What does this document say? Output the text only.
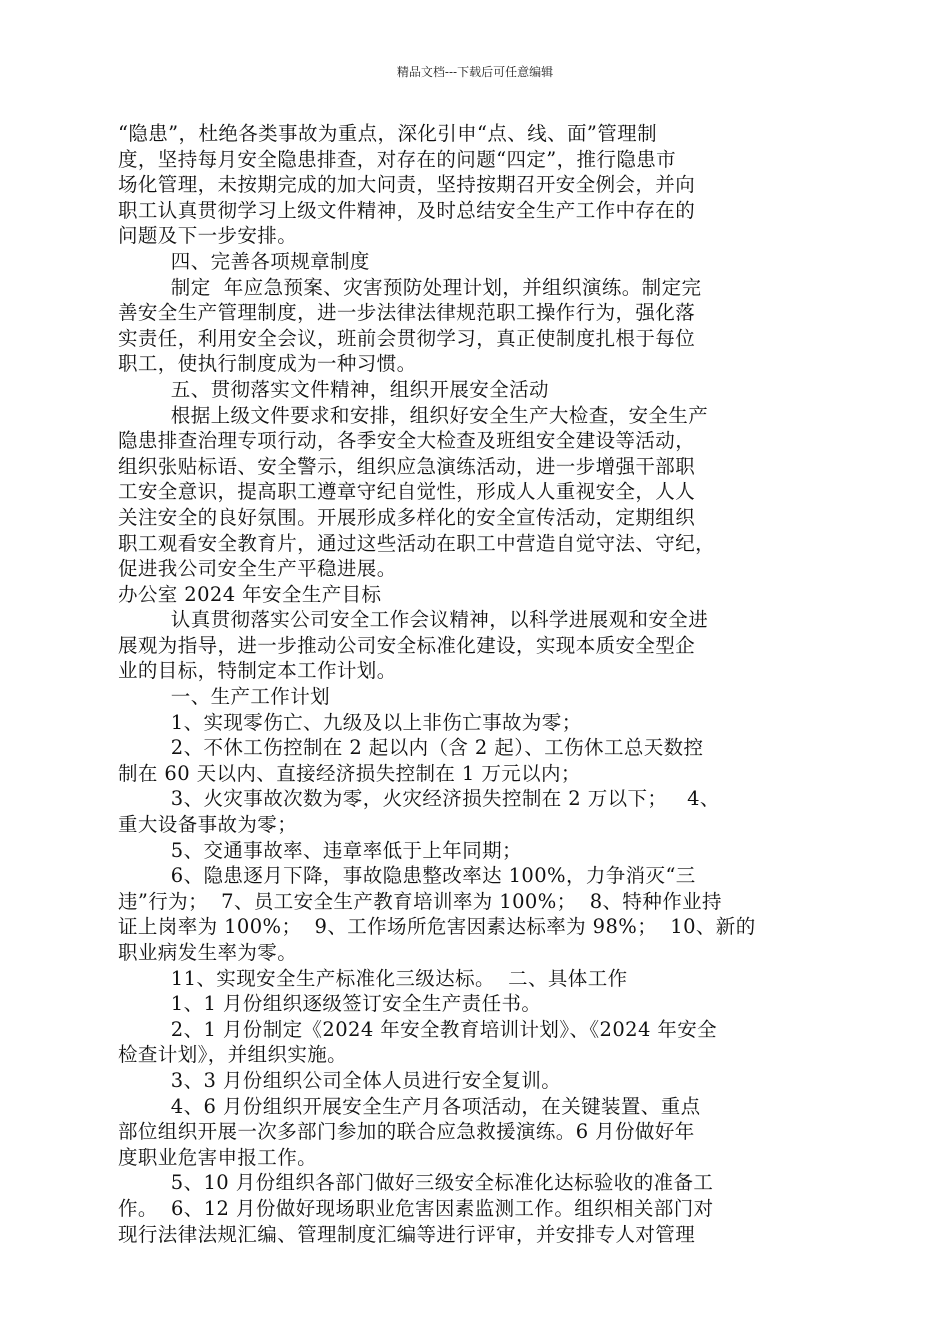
精品文档---下载后可任意编辑
“隐患”，杜绝各类事故为重点，深化引申“点、线、面”管理制
度，坚持每月安全隐患排查，对存在的问题“四定”，推行隐患市
场化管理，未按期完成的加大问责，坚持按期召开安全例会，并向
职工认真贯彻学习上级文件精神，及时总结安全生产工作中存在的
问题及下一步安排。
四、完善各项规章制度
制定  年应急预案、灾害预防处理计划，并组织演练。制定完
善安全生产管理制度，进一步法律法律规范职工操作行为，强化落
实责任，利用安全会议，班前会贯彻学习，真正使制度扎根于每位
职工，使执行制度成为一种习惯。
五、贯彻落实文件精神，组织开展安全活动
根据上级文件要求和安排，组织好安全生产大检查，安全生产
隐患排查治理专项行动，各季安全大检查及班组安全建设等活动，
组织张贴标语、安全警示，组织应急演练活动，进一步增强干部职
工安全意识，提高职工遵章守纪自觉性，形成人人重视安全，人人
关注安全的良好氛围。开展形成多样化的安全宣传活动，定期组织
职工观看安全教育片，通过这些活动在职工中营造自觉守法、守纪，
促进我公司安全生产平稳进展。
办公室 2024 年安全生产目标
认真贯彻落实公司安全工作会议精神，以科学进展观和安全进
展观为指导，进一步推动公司安全标准化建设，实现本质安全型企
业的目标，特制定本工作计划。
一、生产工作计划
1、实现零伤亡、九级及以上非伤亡事故为零；
2、不休工伤控制在 2 起以内（含 2 起）、工伤休工总天数控
制在 60 天以内、直接经济损失控制在 1 万元以内；
3、火灾事故次数为零，火灾经济损失控制在 2 万以下；   4、
重大设备事故为零；
5、交通事故率、违章率低于上年同期；
6、隐患逐月下降，事故隐患整改率达 100%，力争消灭“三
违”行为；  7、员工安全生产教育培训率为 100%；  8、特种作业持
证上岗率为 100%；  9、工作场所危害因素达标率为 98%；  10、新的
职业病发生率为零。
11、实现安全生产标准化三级达标。  二、具体工作
1、1 月份组织逐级签订安全生产责任书。
2、1 月份制定《2024 年安全教育培训计划》、《2024 年安全
检查计划》，并组织实施。
3、3 月份组织公司全体人员进行安全复训。
4、6 月份组织开展安全生产月各项活动，在关键装置、重点
部位组织开展一次多部门参加的联合应急救援演练。6 月份做好年
度职业危害申报工作。
5、10 月份组织各部门做好三级安全标准化达标验收的准备工
作。  6、12 月份做好现场职业危害因素监测工作。组织相关部门对
现行法律法规汇编、管理制度汇编等进行评审，并安排专人对管理
